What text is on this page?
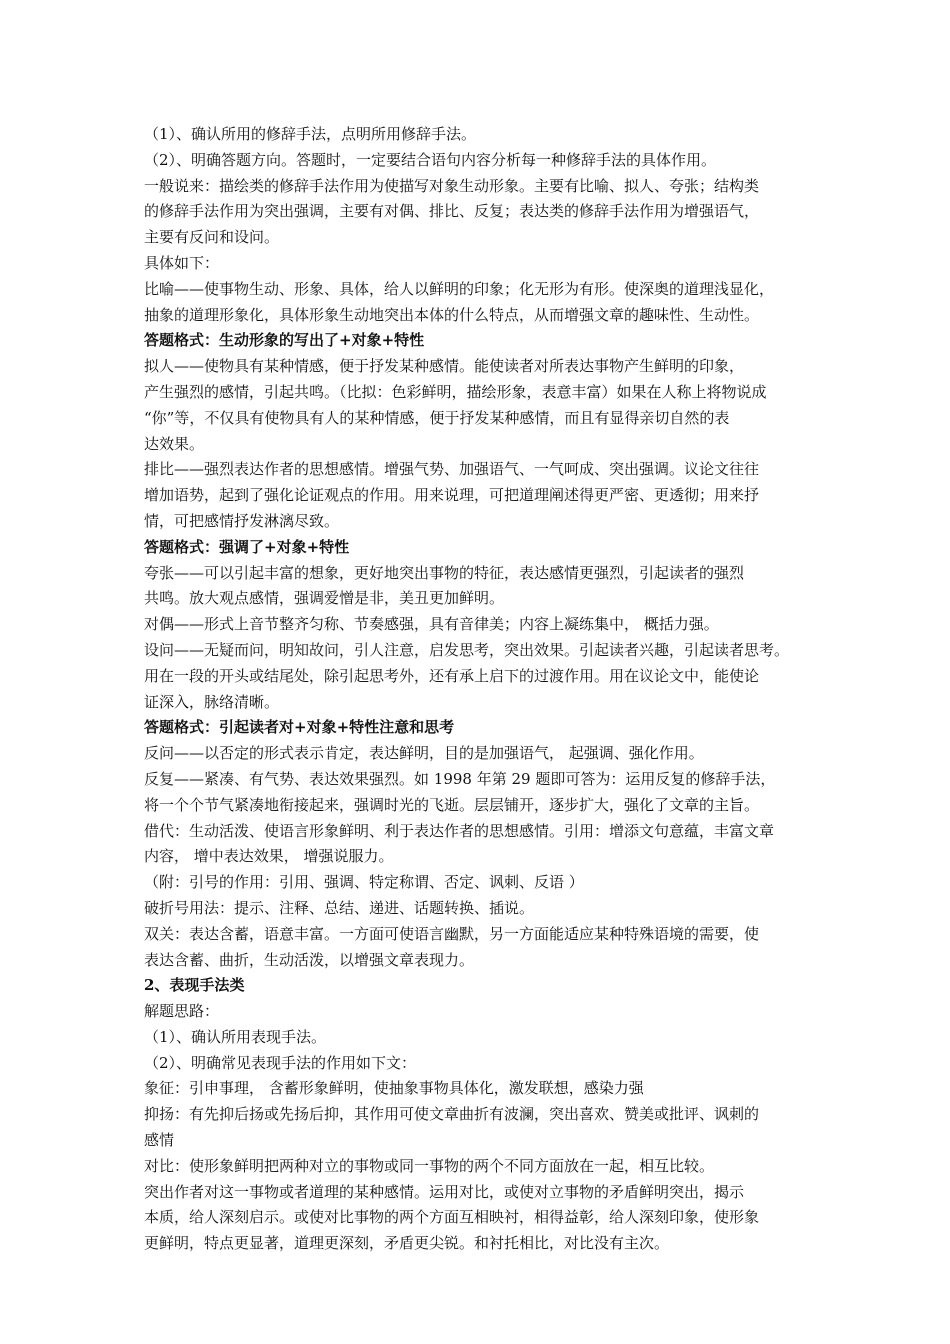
（1）、确认所用的修辞手法，点明所用修辞手法。
（2）、明确答题方向。答题时，一定要结合语句内容分析每一种修辞手法的具体作用。
一般说来：描绘类的修辞手法作用为使描写对象生动形象。主要有比喻、拟人、夸张；结构类
的修辞手法作用为突出强调，主要有对偶、排比、反复；表达类的修辞手法作用为增强语气，
主要有反问和设问。
具体如下：
比喻——使事物生动、形象、具体，给人以鲜明的印象；化无形为有形。使深奥的道理浅显化，
抽象的道理形象化，具体形象生动地突出本体的什么特点，从而增强文章的趣味性、生动性。
答题格式：生动形象的写出了+对象+特性
拟人——使物具有某种情感，便于抒发某种感情。能使读者对所表达事物产生鲜明的印象，
产生强烈的感情，引起共鸣。（比拟：色彩鲜明，描绘形象，表意丰富）如果在人称上将物说成
“你”等，不仅具有使物具有人的某种情感，便于抒发某种感情，而且有显得亲切自然的表
达效果。
排比——强烈表达作者的思想感情。增强气势、加强语气、一气呵成、突出强调。议论文往往
增加语势，起到了强化论证观点的作用。用来说理，可把道理阐述得更严密、更透彻；用来抒
情，可把感情抒发淋漓尽致。
答题格式：强调了+对象+特性
夸张——可以引起丰富的想象，更好地突出事物的特征，表达感情更强烈，引起读者的强烈
共鸣。放大观点感情，强调爱憎是非，美丑更加鲜明。
对偶——形式上音节整齐匀称、节奏感强，具有音律美；内容上凝练集中， 概括力强。
设问——无疑而问，明知故问，引人注意，启发思考，突出效果。引起读者兴趣，引起读者思考。
用在一段的开头或结尾处，除引起思考外，还有承上启下的过渡作用。用在议论文中，能使论
证深入，脉络清晰。
答题格式：引起读者对+对象+特性注意和思考
反问——以否定的形式表示肯定，表达鲜明，目的是加强语气， 起强调、强化作用。
反复——紧凑、有气势、表达效果强烈。如 1998 年第 29 题即可答为：运用反复的修辞手法，
将一个个节气紧凑地衔接起来，强调时光的飞逝。层层铺开，逐步扩大，强化了文章的主旨。
借代：生动活泼、使语言形象鲜明、利于表达作者的思想感情。引用：增添文句意蕴，丰富文章
内容， 增中表达效果， 增强说服力。
（附：引号的作用：引用、强调、特定称谓、否定、讽刺、反语 ）
破折号用法：提示、注释、总结、递进、话题转换、插说。
双关：表达含蓄，语意丰富。一方面可使语言幽默，另一方面能适应某种特殊语境的需要，使
表达含蓄、曲折，生动活泼，以增强文章表现力。
2、表现手法类
解题思路：
（1）、确认所用表现手法。
（2）、明确常见表现手法的作用如下文：
象征：引申事理， 含蓄形象鲜明，使抽象事物具体化，激发联想，感染力强
抑扬：有先抑后扬或先扬后抑，其作用可使文章曲折有波澜，突出喜欢、赞美或批评、讽刺的
感情
对比：使形象鲜明把两种对立的事物或同一事物的两个不同方面放在一起，相互比较。
突出作者对这一事物或者道理的某种感情。运用对比，或使对立事物的矛盾鲜明突出，揭示
本质，给人深刻启示。或使对比事物的两个方面互相映衬，相得益彰，给人深刻印象，使形象
更鲜明，特点更显著，道理更深刻，矛盾更尖锐。和衬托相比，对比没有主次。
